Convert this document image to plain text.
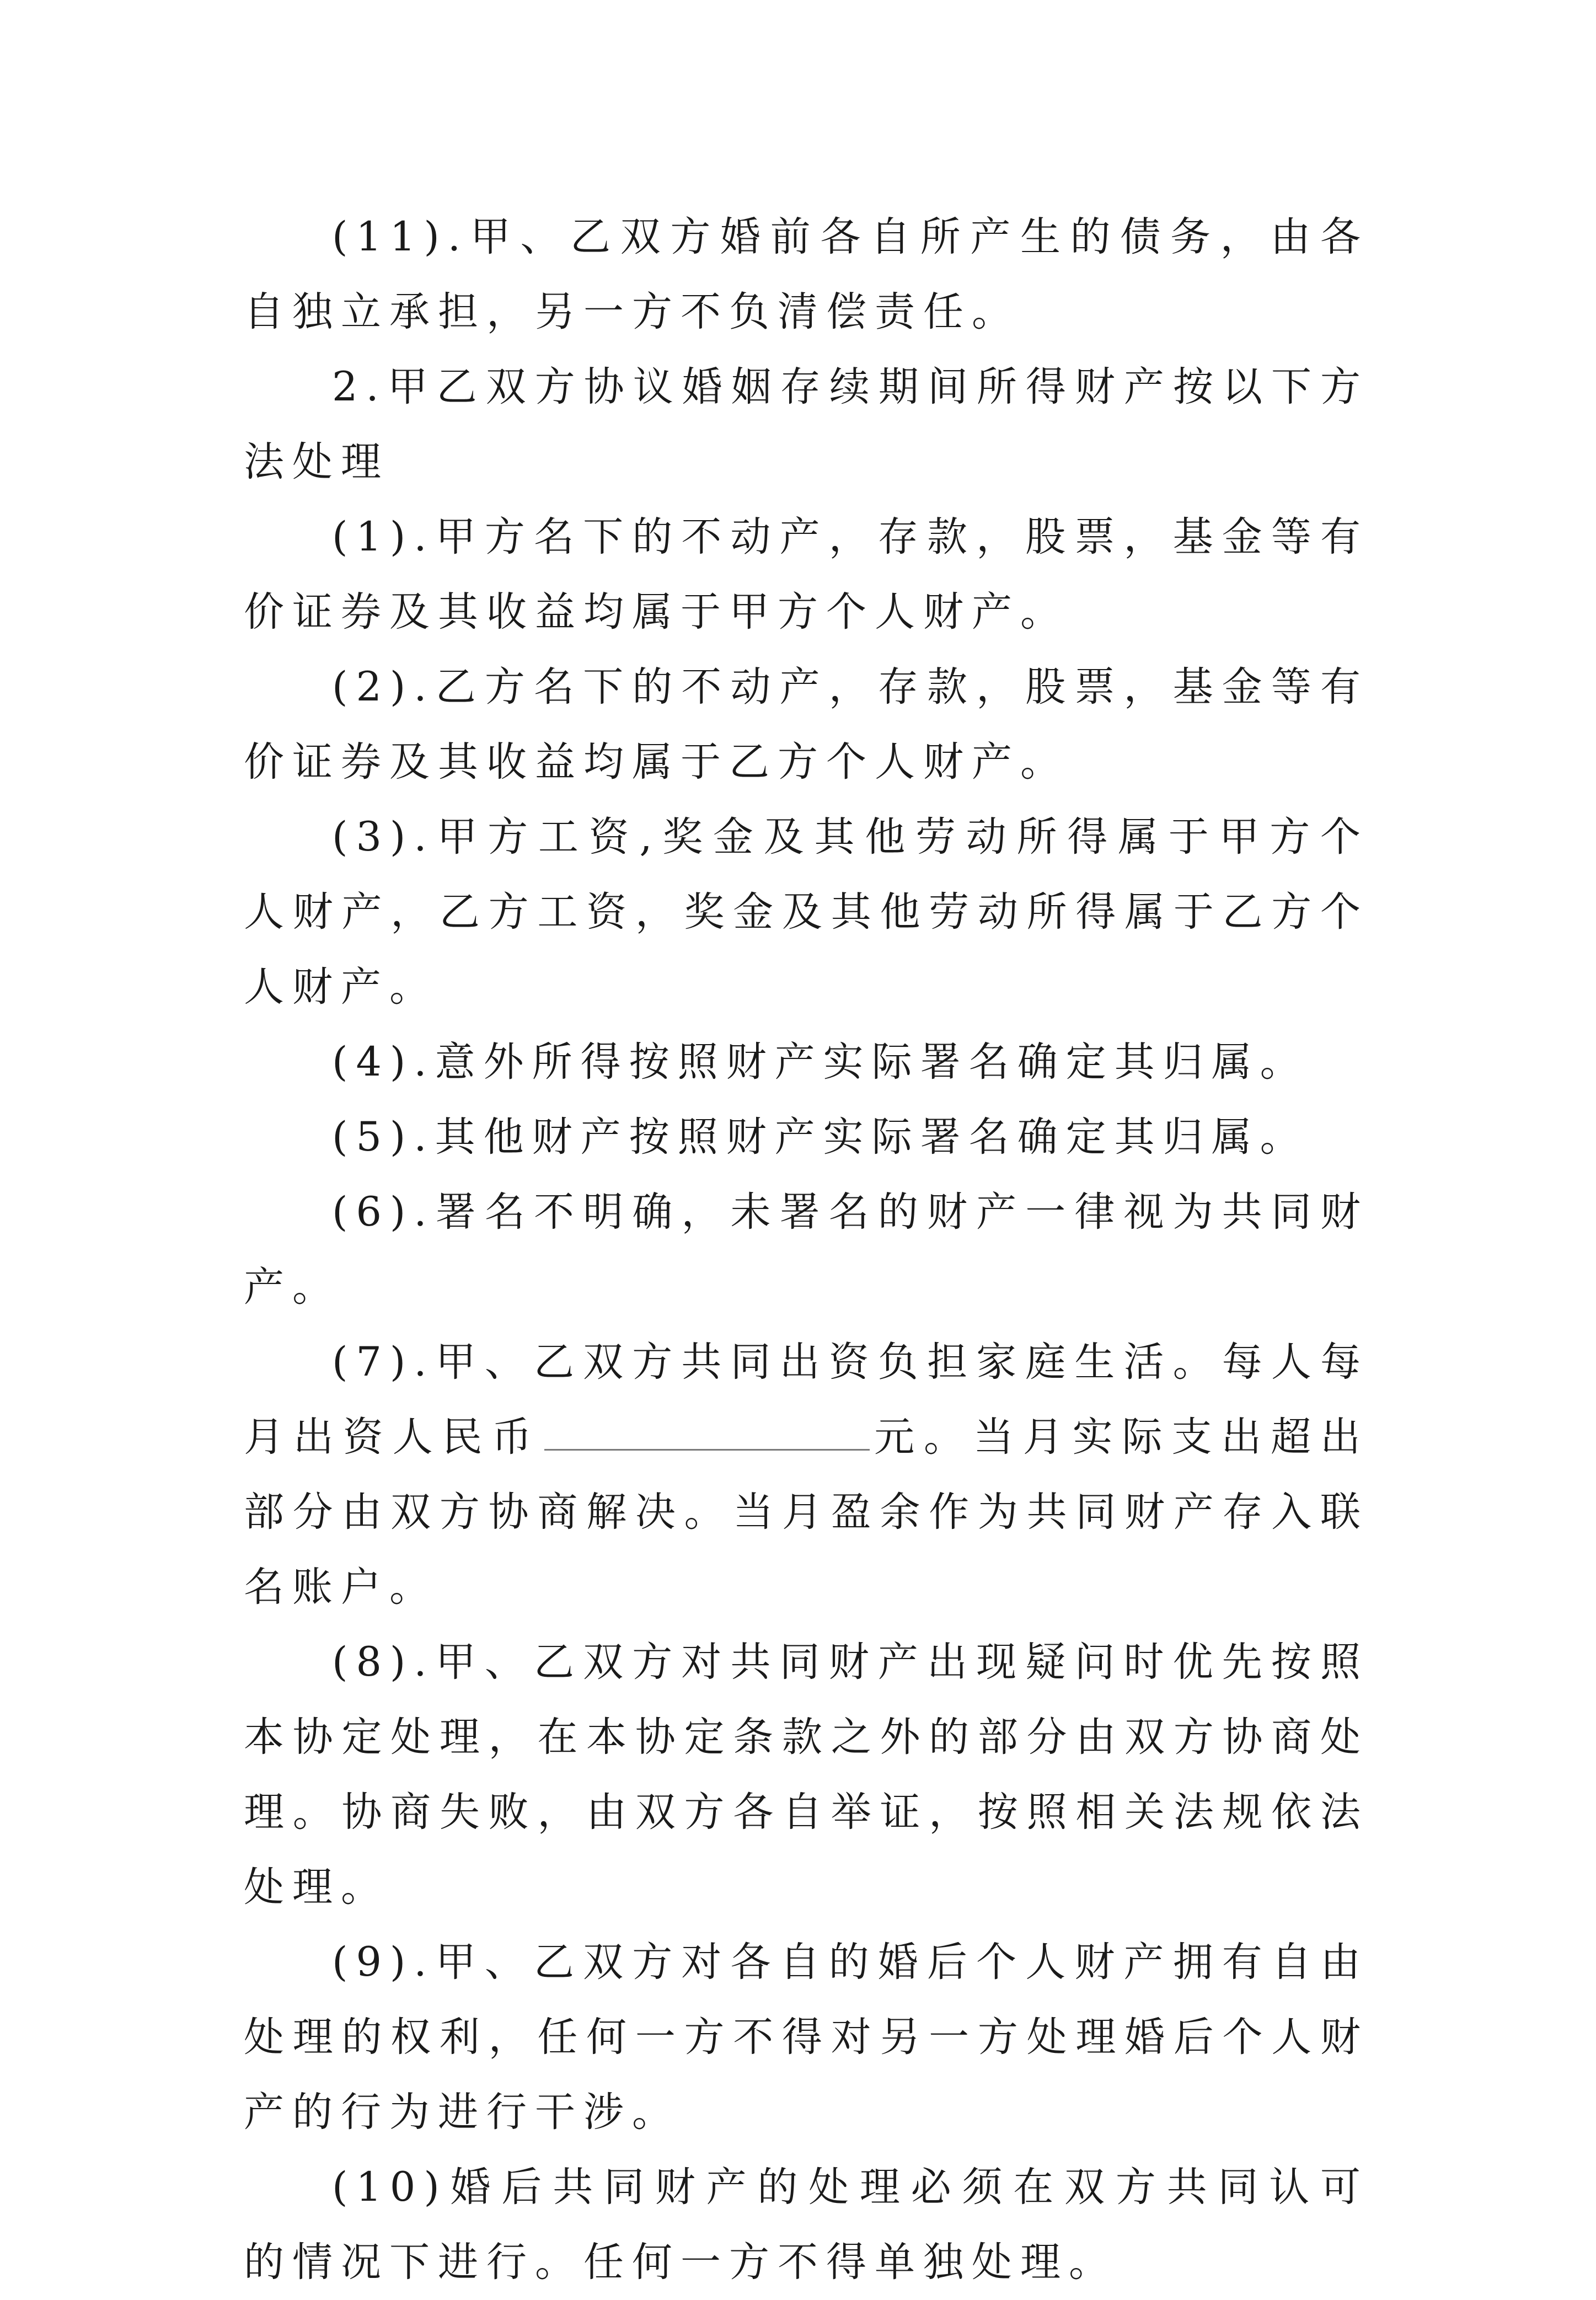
(11).甲、乙双方婚前各自所产生的债务，由各自独立承担，另一方不负清偿责任。

2.甲乙双方协议婚姻存续期间所得财产按以下方法处理

(1).甲方名下的不动产，存款，股票，基金等有价证券及其收益均属于甲方个人财产。

(2).乙方名下的不动产，存款，股票，基金等有价证券及其收益均属于乙方个人财产。

(3).甲方工资,奖金及其他劳动所得属于甲方个人财产，乙方工资，奖金及其他劳动所得属于乙方个人财产。

(4).意外所得按照财产实际署名确定其归属。

(5).其他财产按照财产实际署名确定其归属。

(6).署名不明确，未署名的财产一律视为共同财产。

(7).甲、乙双方共同出资负担家庭生活。每人每月出资人民币	元。当月实际支出超出部分由双方协商解决。当月盈余作为共同财产存入联名账户。

(8).甲、乙双方对共同财产出现疑问时优先按照本协定处理，在本协定条款之外的部分由双方协商处理。协商失败，由双方各自举证，按照相关法规依法处理。

(9).甲、乙双方对各自的婚后个人财产拥有自由处理的权利，任何一方不得对另一方处理婚后个人财产的行为进行干涉。

(10)婚后共同财产的处理必须在双方共同认可的情况下进行。任何一方不得单独处理。
